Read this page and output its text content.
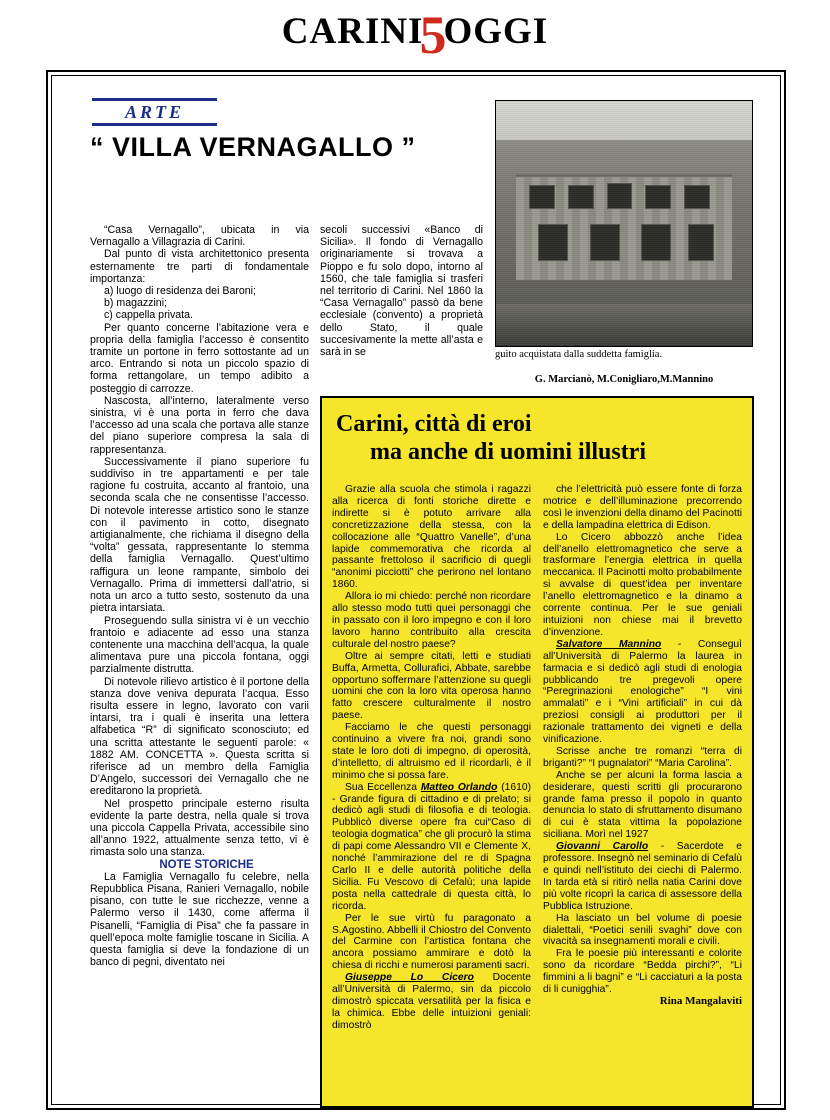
CARINI
5
OGGI
ARTE
“ VILLA VERNAGALLO ”
guito acquistata dalla suddetta famiglia.
G. Marcianò, M.Conigliaro,M.Mannino

“Casa Vernagallo”, ubicata in via Vernagallo a Villagrazia di Carini.

Dal punto di vista architettonico presenta esternamente tre parti di fondamentale importanza:

a) luogo di residenza dei Baroni;

b) magazzini;

c) cappella privata.

Per quanto concerne l’abitazione vera e propria della famiglia l’accesso è consentito tramite un portone in ferro sottostante ad un arco. Entrando si nota un piccolo spazio di forma rettangolare, un tempo adibito a posteggio di carrozze.

Nascosta, all’interno, lateralmente verso sinistra, vi è una porta in ferro che dava l’accesso ad una scala che portava alle stanze del piano superiore compresa la sala di rappresentanza.

Successivamente il piano superiore fu suddiviso in tre appartamenti e per tale ragione fu costruita, accanto al frantoio, una seconda scala che ne consentisse l’accesso. Di notevole interesse artistico sono le stanze con il pavimento in cotto, disegnato artigianalmente, che richiama il disegno della “volta” gessata, rappresentante lo stemma della famiglia Vernagallo. Quest’ultimo raffigura un leone rampante, simbolo dei Vernagallo. Prima di immettersi dall’atrio, si nota un arco a tutto sesto, sostenuto da una pietra intarsiata.

Proseguendo sulla sinistra vi è un vecchio frantoio e adiacente ad esso una stanza contenente una macchina dell’acqua, la quale alimentava pure una piccola fontana, oggi parzialmente distrutta.

Di notevole rilievo artistico è il portone della stanza dove veniva depurata l’acqua. Esso risulta essere in legno, lavorato con varii intarsi, tra i quali è inserita una lettera alfabetica “R” di significato sconosciuto; ed una scritta attestante le seguenti parole: « 1882 AM. CONCETTA ». Questa scritta si riferisce ad un membro della Famiglia D’Angelo, successori dei Vernagallo che ne ereditarono la proprietà.

Nel prospetto principale esterno risulta evidente la parte destra, nella quale si trova una piccola Cappella Privata, accessibile sino all’anno 1922, attualmente senza tetto, vi è rimasta solo una stanza.

NOTE STORICHE

La Famiglia Vernagallo fu celebre, nella Repubblica Pisana, Ranieri Vernagallo, nobile pisano, con tutte le sue ricchezze, venne a Palermo verso il 1430, come afferma il Pisanelli, “Famiglia di Pisa” che fa passare in quell’epoca molte famiglie toscane in Sicilia. A questa famiglia si deve la fondazione di un banco di pegni, diventato nei

secoli successivi «Banco di Sicilia». Il fondo di Vernagallo originariamente si trovava a Pioppo e fu solo dopo, intorno al 1560, che tale famiglia si trasferi nel territorio di Carini. Nel 1860 la “Casa Vernagallo” passò da bene ecclesiale (convento) a proprietà dello Stato, il quale succesivamente la mette all’asta e sarà in se

Carini, città di eroi
ma anche di uomini illustri

Grazie alla scuola che stimola i ragazzi alla ricerca di fonti storiche dirette e indirette si è potuto arrivare alla concretizzazione della stessa, con la collocazione alle “Quattro Vanelle”, d’una lapide commemorativa che ricorda al passante frettoloso il sacrificio di quegli “anonimi picciotti” che perirono nel lontano 1860.

Allora io mi chiedo: perché non ricordare allo stesso modo tutti quei personaggi che in passato con il loro impegno e con il loro lavoro hanno contribuito alla crescita culturale del nostro paese?

Oltre ai sempre citati, letti e studiati Buffa, Armetta, Collurafici, Abbate, sarebbe opportuno soffermare l’attenzione su quegli uomini che con la loro vita operosa hanno fatto crescere culturalmente il nostro paese.

Facciamo le che questi personaggi continuino a vivere fra noi, grandi sono state le loro doti di impegno, di operosità, d’intelletto, di altruismo ed il ricordarli, è il minimo che si possa fare.

Sua Eccellenza Matteo Orlando (1610) - Grande figura di cittadino e di prelato; si dedicò agli studi di filosofia e di teologia. Pubblicò diverse opere fra cui“Caso di teologia dogmatica” che gli procurò la stima di papi come Alessandro VII e Clemente X, nonché l’ammirazione del re di Spagna Carlo II e delle autorità politiche della Sicilia. Fu Vescovo di Cefalù; una lapide posta nella cattedrale di questa città, lo ricorda.

Per le sue virtù fu paragonato a S.Agostino. Abbelli il Chiostro del Convento del Carmine con l’artistica fontana che ancora possiamo ammirare e dotò la chiesa di ricchi e numerosi paramenti sacri.

Giuseppe Lo Cicero Docente all’Università di Palermo, sin da piccolo dimostrò spiccata versatilità per la fisica e la chimica. Ebbe delle intuizioni geniali: dimostrò

che l’elettricità può essere fonte di forza motrice e dell’illuminazione precorrendo così le invenzioni della dinamo del Pacinotti e della lampadina elettrica di Edison.

Lo Cicero abbozzò anche l’idea dell’anello elettromagnetico che serve a trasformare l’energia elettrica in quella meccanica. Il Pacinotti molto probabilmente si avvalse di quest’idea per inventare l’anello elettromagnetico e la dinamo a corrente continua. Per le sue geniali intuizioni non chiese mai il brevetto d’invenzione.

Salvatore Mannino - Conseguì all’Università di Palermo la laurea in farmacia e si dedicò agli studi di enologia pubblicando tre pregevoli opere “Peregrinazioni enologiche” “I vini ammalati” e i “Vini artificiali” in cui dà preziosi consigli ai produttori per il razionale trattamento dei vigneti e della vinificazione.

Scrisse anche tre romanzi “terra di briganti?” “I pugnalatori” “Maria Carolina”.

Anche se per alcuni la forma lascia a desiderare, questi scritti gli procurarono grande fama presso il popolo in quanto denuncia lo stato di sfruttamento disumano di cui è stata vittima la popolazione siciliana. Morì nel 1927

Giovanni Carollo - Sacerdote e professore. Insegnò nel seminario di Cefalù e quindi nell’istituto dei ciechi di Palermo. In tarda età si ritirò nella natia Carini dove più volte ricoprì la carica di assessore della Pubblica Istruzione.

Ha lasciato un bel volume di poesie dialettali, “Poetici senili svaghi” dove con vivacità sa insegnamenti morali e civili.

Fra le poesie più interessanti e colorite sono da ricordare “Bedda pirchi?”, “Li fimmini a li bagni” e “Li cacciaturi a la posta di li cunigghia”.

Rina Mangalaviti
